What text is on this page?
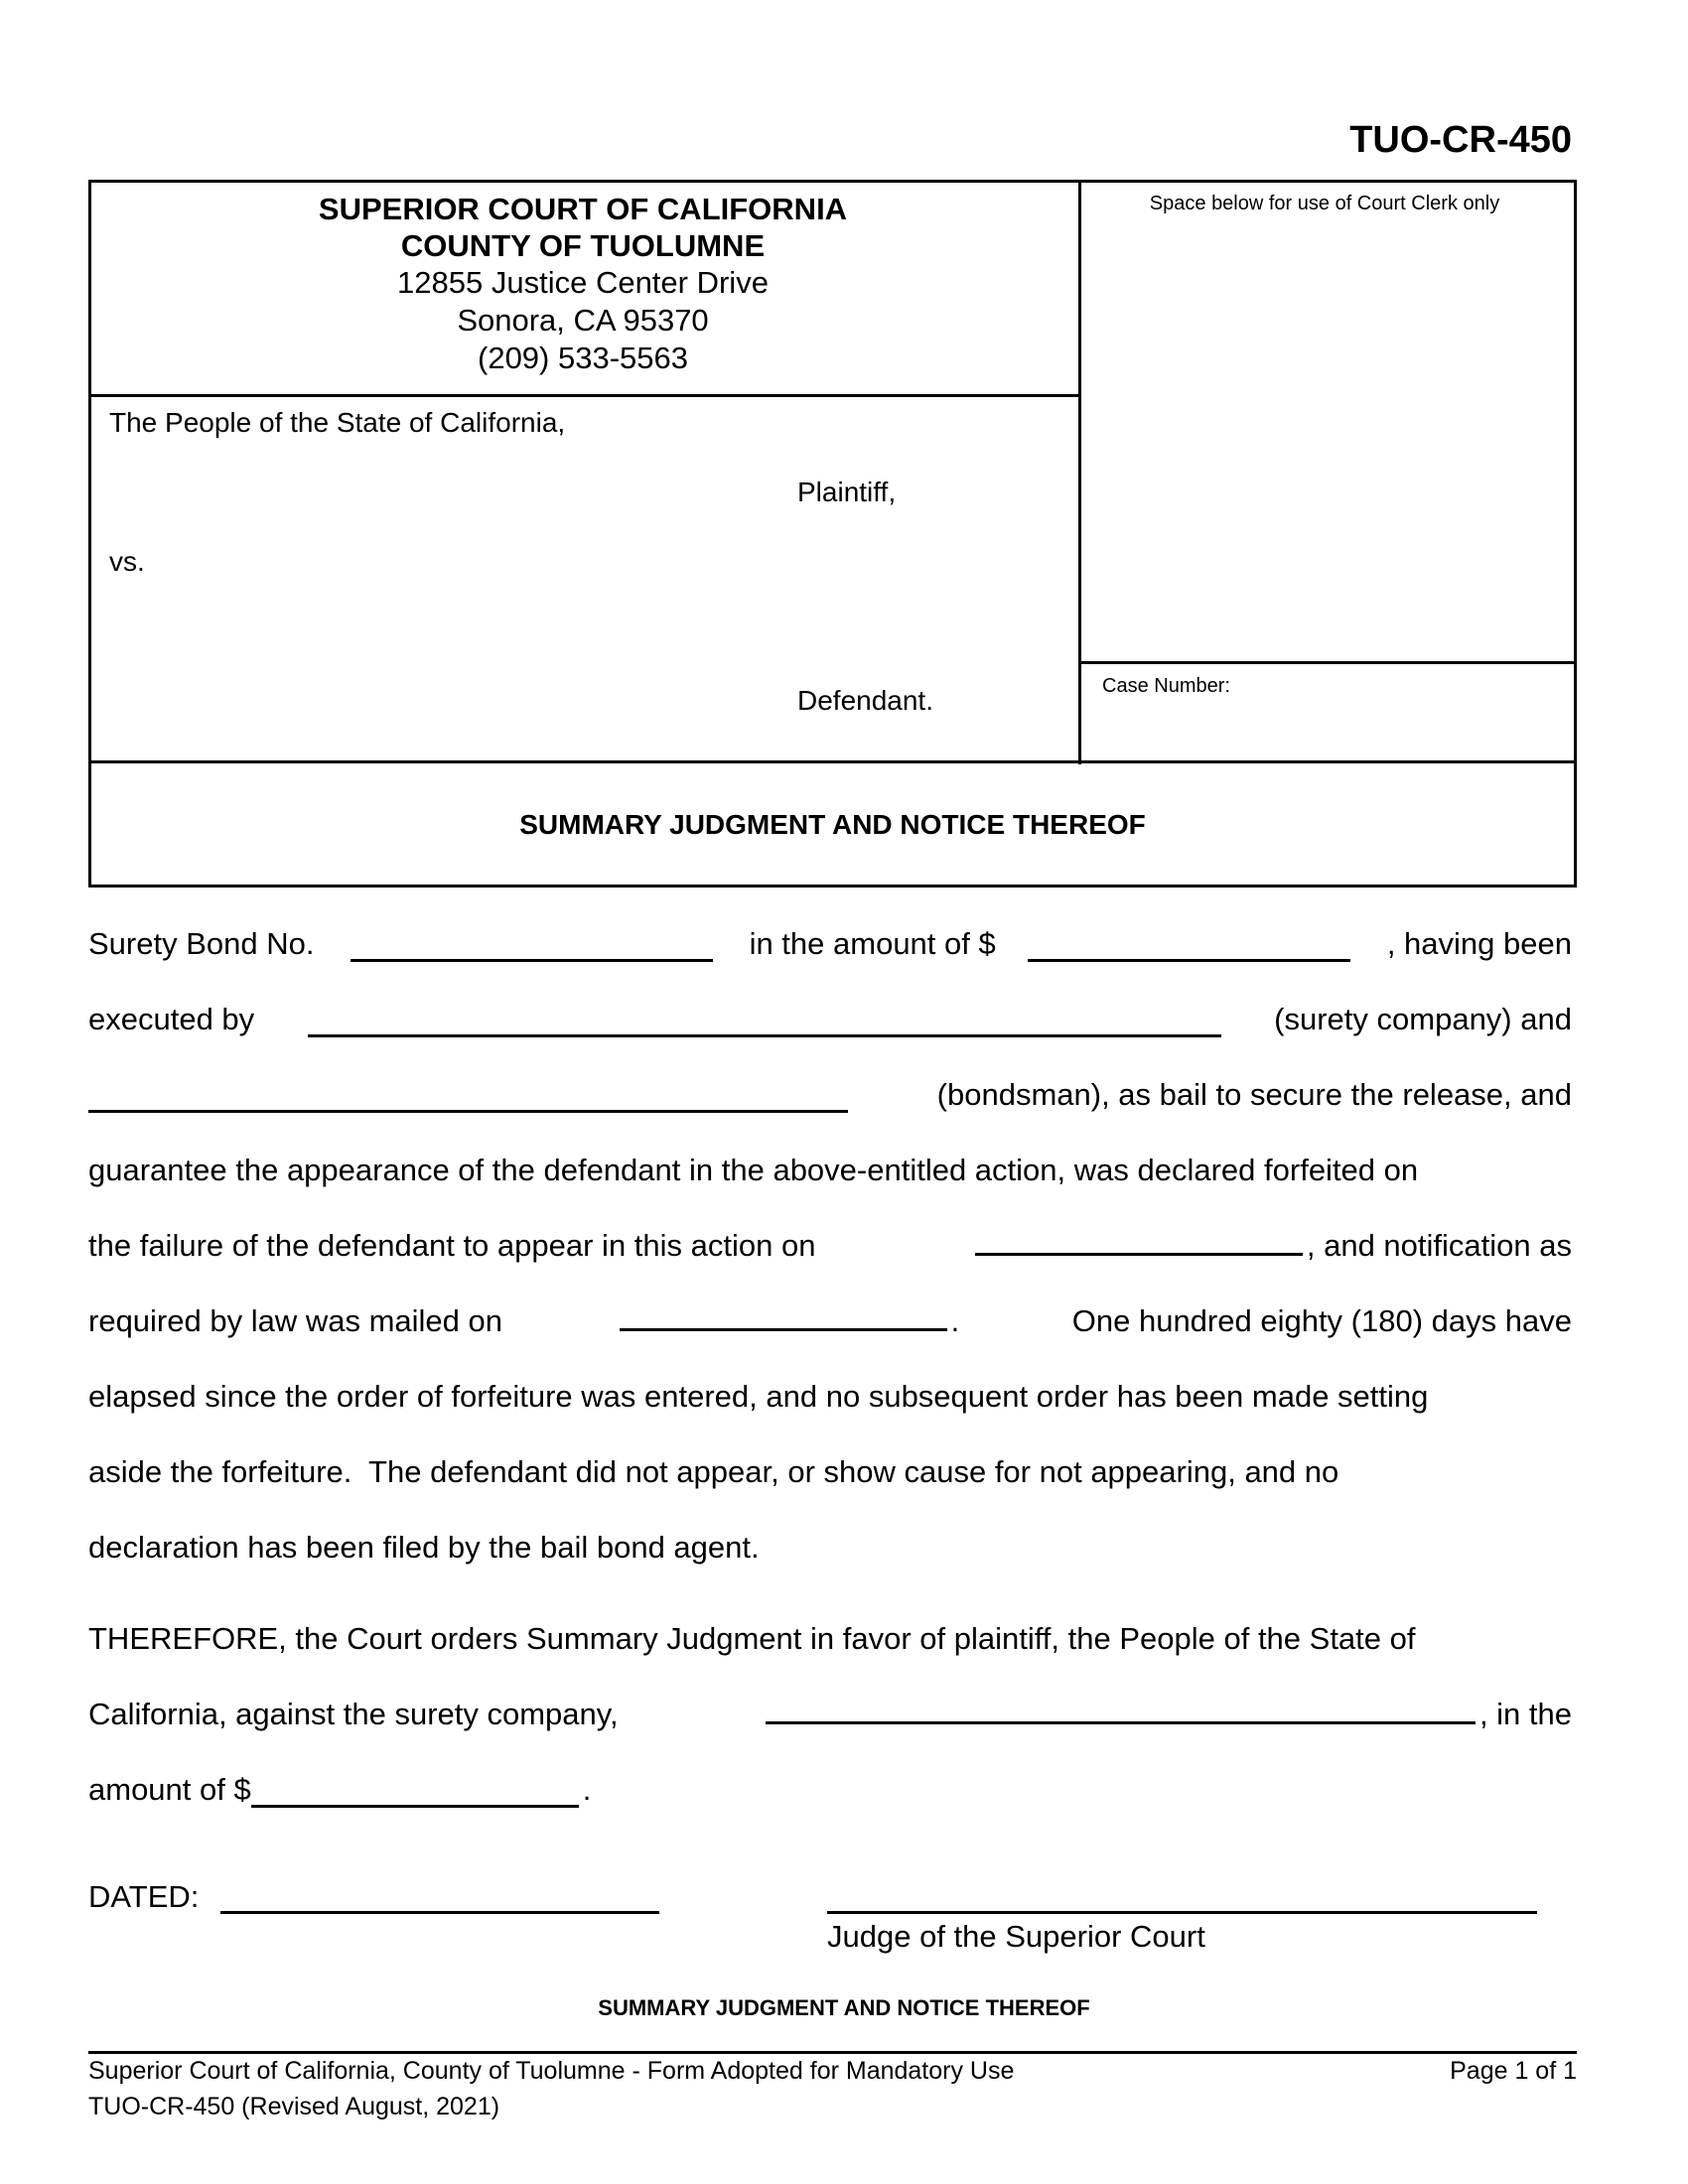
TUO-CR-450
SUPERIOR COURT OF CALIFORNIA
COUNTY OF TUOLUMNE
12855 Justice Center Drive
Sonora, CA 95370
(209) 533-5563
Space below for use of Court Clerk only
Case Number:
The People of the State of California,
Plaintiff,
vs.
Defendant.
SUMMARY JUDGMENT AND NOTICE THEREOF
Surety Bond No.	in the amount of $	, having been
executed by	(surety company) and
(bondsman), as bail to secure the release, and
guarantee the appearance of the defendant in the above-entitled action, was declared forfeited on
the failure of the defendant to appear in this action on	, and notification as
required by law was mailed on	.	One hundred eighty (180) days have
elapsed since the order of forfeiture was entered, and no subsequent order has been made setting
aside the forfeiture.  The defendant did not appear, or show cause for not appearing, and no
declaration has been filed by the bail bond agent.
THEREFORE, the Court orders Summary Judgment in favor of plaintiff, the People of the State of
California, against the surety company,	, in the
amount of $	.
DATED:
Judge of the Superior Court
SUMMARY JUDGMENT AND NOTICE THEREOF
Superior Court of California, County of Tuolumne - Form Adopted for Mandatory Use
TUO-CR-450 (Revised August, 2021)
Page 1 of 1
